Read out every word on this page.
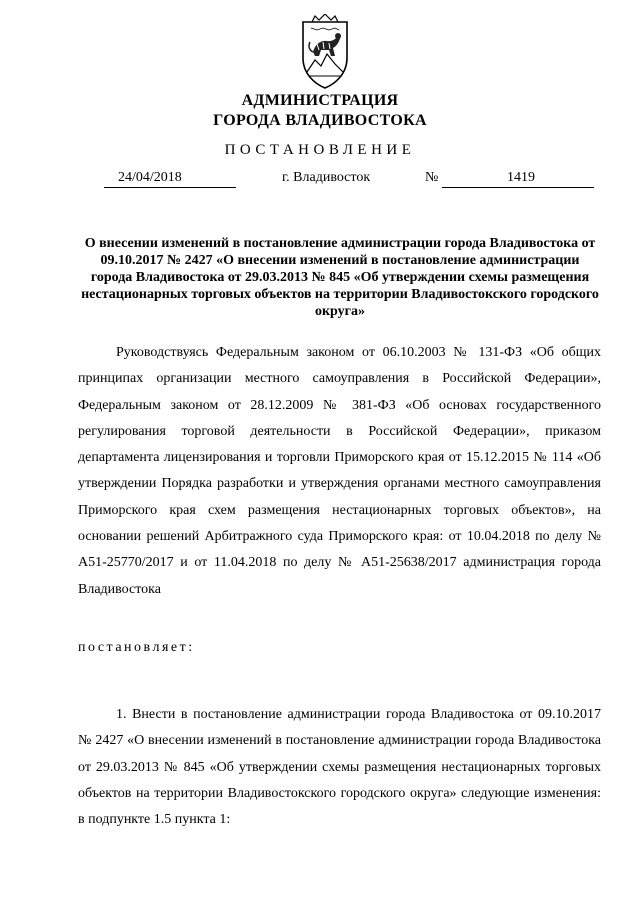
АДМИНИСТРАЦИЯ
ГОРОДА ВЛАДИВОСТОКА
ПОСТАНОВЛЕНИЕ
24/04/2018	г. Владивосток	№	1419
О внесении изменений в постановление администрации города Владивостока от 09.10.2017 № 2427 «О внесении изменений в постановление администрации города Владивостока от 29.03.2013 № 845 «Об утверждении схемы размещения нестационарных торговых объектов на территории Владивостокского городского округа»

Руководствуясь Федеральным законом от 06.10.2003 № 131-ФЗ «Об общих принципах организации местного самоуправления в Российской Федерации», Федеральным законом от 28.12.2009 № 381-ФЗ «Об основах государственного регулирования торговой деятельности в Российской Федерации», приказом департамента лицензирования и торговли Приморского края от 15.12.2015 № 114 «Об утверждении Порядка разработки и утверждения органами местного самоуправления Приморского края схем размещения нестационарных торговых объектов», на основании решений Арбитражного суда Приморского края: от 10.04.2018 по делу № А51-25770/2017 и от 11.04.2018 по делу № А51-25638/2017 администрация города Владивостока

постановляет:

1. Внести в постановление администрации города Владивостока от 09.10.2017 № 2427 «О внесении изменений в постановление администрации города Владивостока от 29.03.2013 № 845 «Об утверждении схемы размещения нестационарных торговых объектов на территории Владивостокского городского округа» следующие изменения: в подпункте 1.5 пункта 1:
